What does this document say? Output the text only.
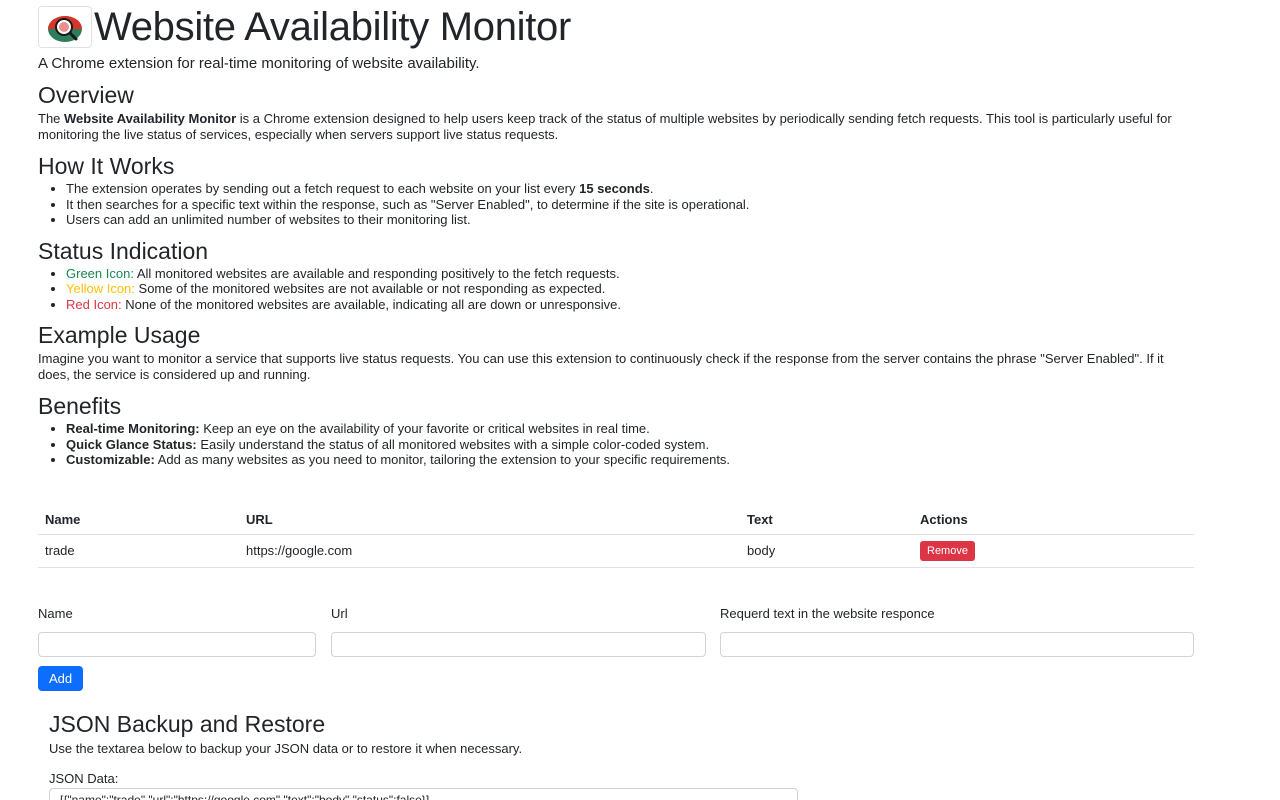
Website Availability Monitor
A Chrome extension for real-time monitoring of website availability.
Overview

The Website Availability Monitor is a Chrome extension designed to help users keep track of the status of multiple websites by periodically sending fetch requests. This tool is particularly useful for monitoring the live status of services, especially when servers support live status requests.

How It Works
• The extension operates by sending out a fetch request to each website on your list every 15 seconds.
• It then searches for a specific text within the response, such as "Server Enabled", to determine if the site is operational.
• Users can add an unlimited number of websites to their monitoring list.
Status Indication
• Green Icon: All monitored websites are available and responding positively to the fetch requests.
• Yellow Icon: Some of the monitored websites are not available or not responding as expected.
• Red Icon: None of the monitored websites are available, indicating all are down or unresponsive.
Example Usage

Imagine you want to monitor a service that supports live status requests. You can use this extension to continuously check if the response from the server contains the phrase "Server Enabled". If it does, the service is considered up and running.

Benefits
• Real-time Monitoring: Keep an eye on the availability of your favorite or critical websites in real time.
• Quick Glance Status: Easily understand the status of all monitored websites with a simple color-coded system.
• Customizable: Add as many websites as you need to monitor, tailoring the extension to your specific requirements.
Name	URL	Text	Actions
trade	https://google.com	body	Remove
Name	Url	Requerd text in the website responce
Add
JSON Backup and Restore

Use the textarea below to backup your JSON data or to restore it when necessary.

JSON Data:
[{"name":"trade","url":"https://google.com","text":"body","status":false}]
